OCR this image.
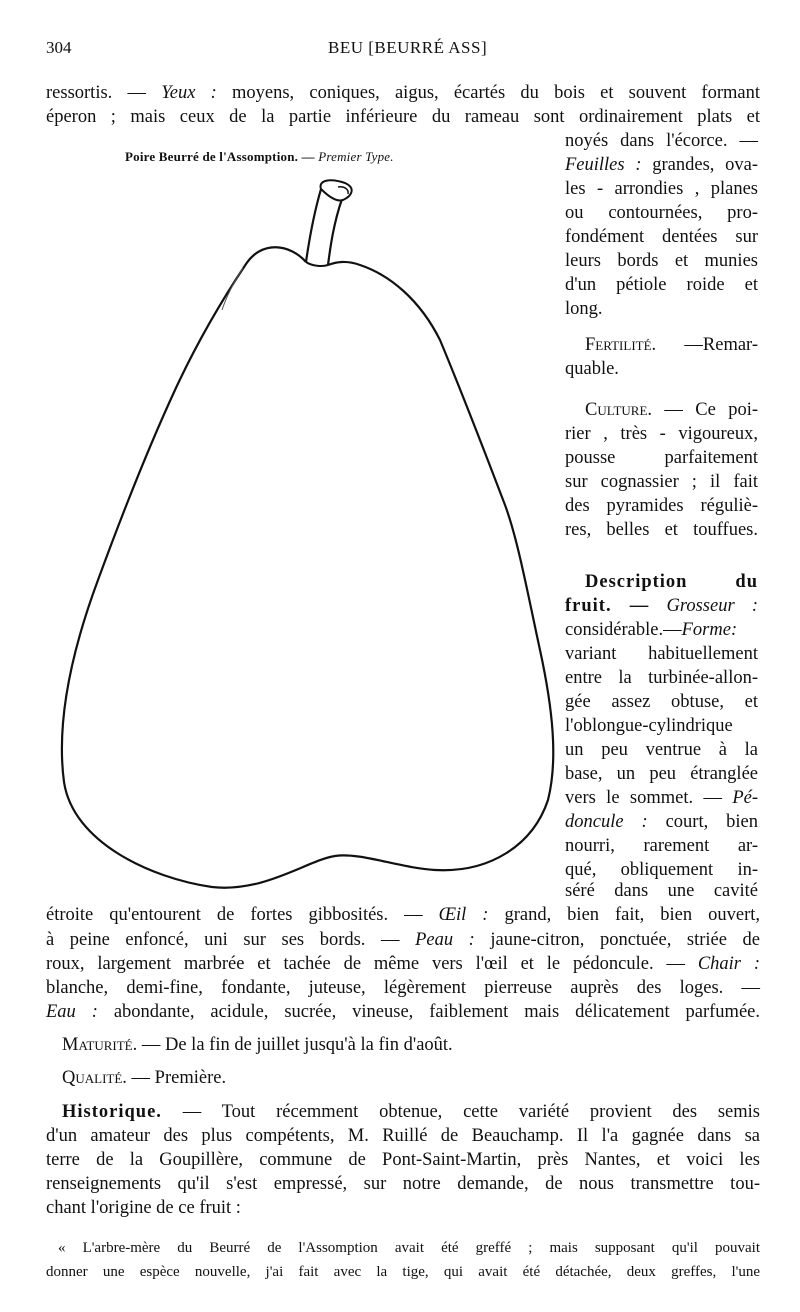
304	BEU [BEURRÉ ASS]
ressortis. — Yeux : moyens, coniques, aigus, écartés du bois et souvent formant
éperon ; mais ceux de la partie inférieure du rameau sont ordinairement plats et
Poire Beurré de l'Assomption. — Premier Type.
noyés dans l'écorce. —
Feuilles : grandes, ova-
les - arrondies , planes
ou contournées, pro-
fondément dentées sur
leurs bords et munies
d'un pétiole roide et
long.
Fertilité. —Remar-
quable.
Culture. — Ce poi-
rier , très - vigoureux,
pousse parfaitement
sur cognassier ; il fait
des pyramides réguliè-
res, belles et touffues.
Description du
fruit. — Grosseur :
considérable.—Forme:
variant habituellement
entre la turbinée-allon-
gée assez obtuse, et
l'oblongue-cylindrique
un peu ventrue à la
base, un peu étranglée
vers le sommet. — Pé-
doncule : court, bien
nourri, rarement ar-
qué, obliquement in-
séré dans une cavité
étroite qu'entourent de fortes gibbosités. — Œil : grand, bien fait, bien ouvert,
à peine enfoncé, uni sur ses bords. — Peau : jaune-citron, ponctuée, striée de
roux, largement marbrée et tachée de même vers l'œil et le pédoncule. — Chair :
blanche, demi-fine, fondante, juteuse, légèrement pierreuse auprès des loges. —
Eau : abondante, acidule, sucrée, vineuse, faiblement mais délicatement parfumée.
Maturité. — De la fin de juillet jusqu'à la fin d'août.
Qualité. — Première.
Historique. — Tout récemment obtenue, cette variété provient des semis
d'un amateur des plus compétents, M. Ruillé de Beauchamp. Il l'a gagnée dans sa
terre de la Goupillère, commune de Pont-Saint-Martin, près Nantes, et voici les
renseignements qu'il s'est empressé, sur notre demande, de nous transmettre tou-
chant l'origine de ce fruit :
« L'arbre-mère du Beurré de l'Assomption avait été greffé ; mais supposant qu'il pouvait
donner une espèce nouvelle, j'ai fait avec la tige, qui avait été détachée, deux greffes, l'une
